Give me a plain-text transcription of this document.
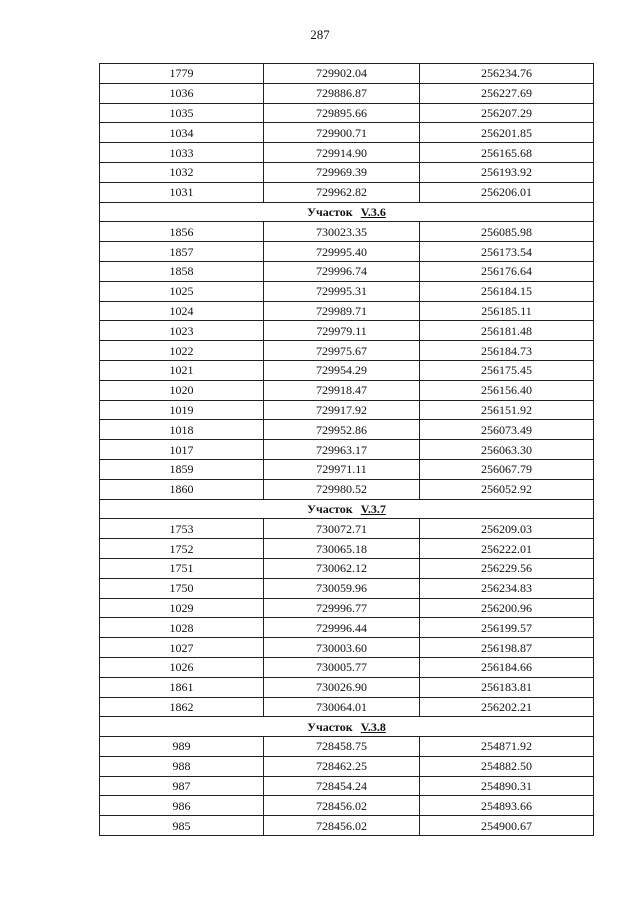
287
1779	729902.04	256234.76
1036	729886.87	256227.69
1035	729895.66	256207.29
1034	729900.71	256201.85
1033	729914.90	256165.68
1032	729969.39	256193.92
1031	729962.82	256206.01
Участок V.3.6		
1856	730023.35	256085.98
1857	729995.40	256173.54
1858	729996.74	256176.64
1025	729995.31	256184.15
1024	729989.71	256185.11
1023	729979.11	256181.48
1022	729975.67	256184.73
1021	729954.29	256175.45
1020	729918.47	256156.40
1019	729917.92	256151.92
1018	729952.86	256073.49
1017	729963.17	256063.30
1859	729971.11	256067.79
1860	729980.52	256052.92
Участок V.3.7		
1753	730072.71	256209.03
1752	730065.18	256222.01
1751	730062.12	256229.56
1750	730059.96	256234.83
1029	729996.77	256200.96
1028	729996.44	256199.57
1027	730003.60	256198.87
1026	730005.77	256184.66
1861	730026.90	256183.81
1862	730064.01	256202.21
Участок V.3.8		
989	728458.75	254871.92
988	728462.25	254882.50
987	728454.24	254890.31
986	728456.02	254893.66
985	728456.02	254900.67
